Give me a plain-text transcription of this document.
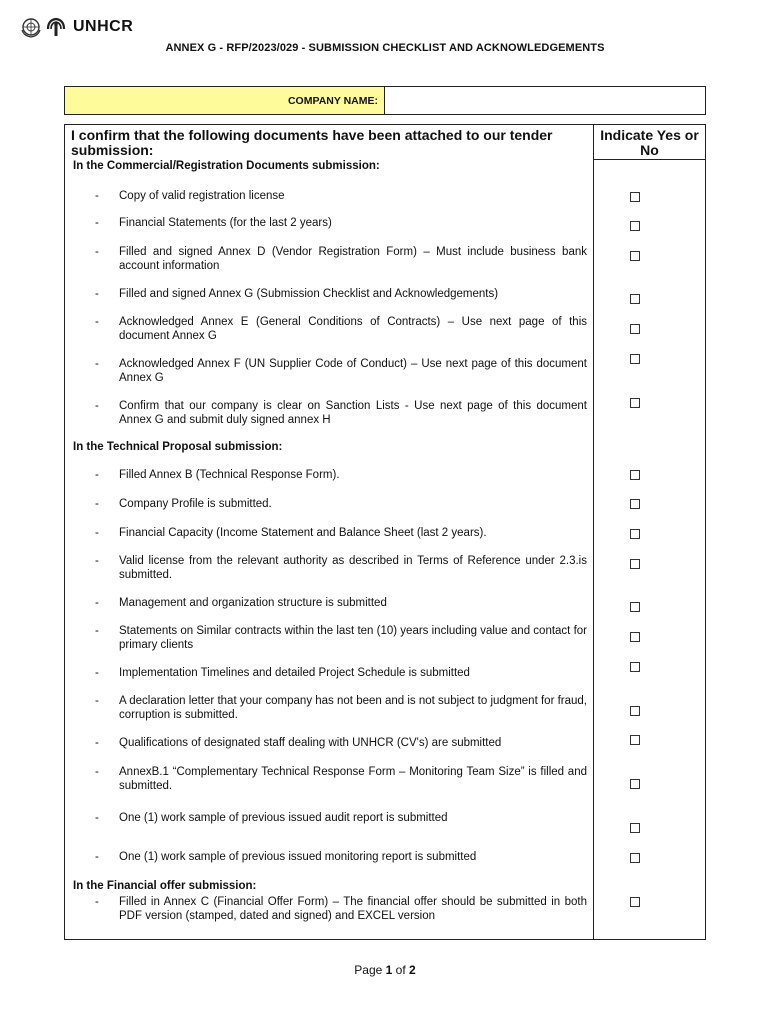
UNHCR
ANNEX G - RFP/2023/029 - SUBMISSION CHECKLIST AND ACKNOWLEDGEMENTS
COMPANY NAME:
I confirm that the following documents have been attached to our tender submission:
Indicate Yes or No
In the Commercial/Registration Documents submission:
- Copy of valid registration license
- Financial Statements (for the last 2 years)
- Filled and signed Annex D (Vendor Registration Form) – Must include business bank account information
- Filled and signed Annex G (Submission Checklist and Acknowledgements)
- Acknowledged Annex E (General Conditions of Contracts) – Use next page of this document Annex G
- Acknowledged Annex F (UN Supplier Code of Conduct) – Use next page of this document Annex G
- Confirm that our company is clear on Sanction Lists - Use next page of this document Annex G and submit duly signed annex H
In the Technical Proposal submission:
- Filled Annex B (Technical Response Form).
- Company Profile is submitted.
- Financial Capacity (Income Statement and Balance Sheet (last 2 years).
- Valid license from the relevant authority as described in Terms of Reference under 2.3.is submitted.
- Management and organization structure is submitted
- Statements on Similar contracts within the last ten (10) years including value and contact for primary clients
- Implementation Timelines and detailed Project Schedule is submitted
- A declaration letter that your company has not been and is not subject to judgment for fraud, corruption is submitted.
- Qualifications of designated staff dealing with UNHCR (CV's) are submitted
- AnnexB.1 “Complementary Technical Response Form – Monitoring Team Size” is filled and submitted.
- One (1) work sample of previous issued audit report is submitted
- One (1) work sample of previous issued monitoring report is submitted
In the Financial offer submission:
- Filled in Annex C (Financial Offer Form) – The financial offer should be submitted in both PDF version (stamped, dated and signed) and EXCEL version
Page 1 of 2
